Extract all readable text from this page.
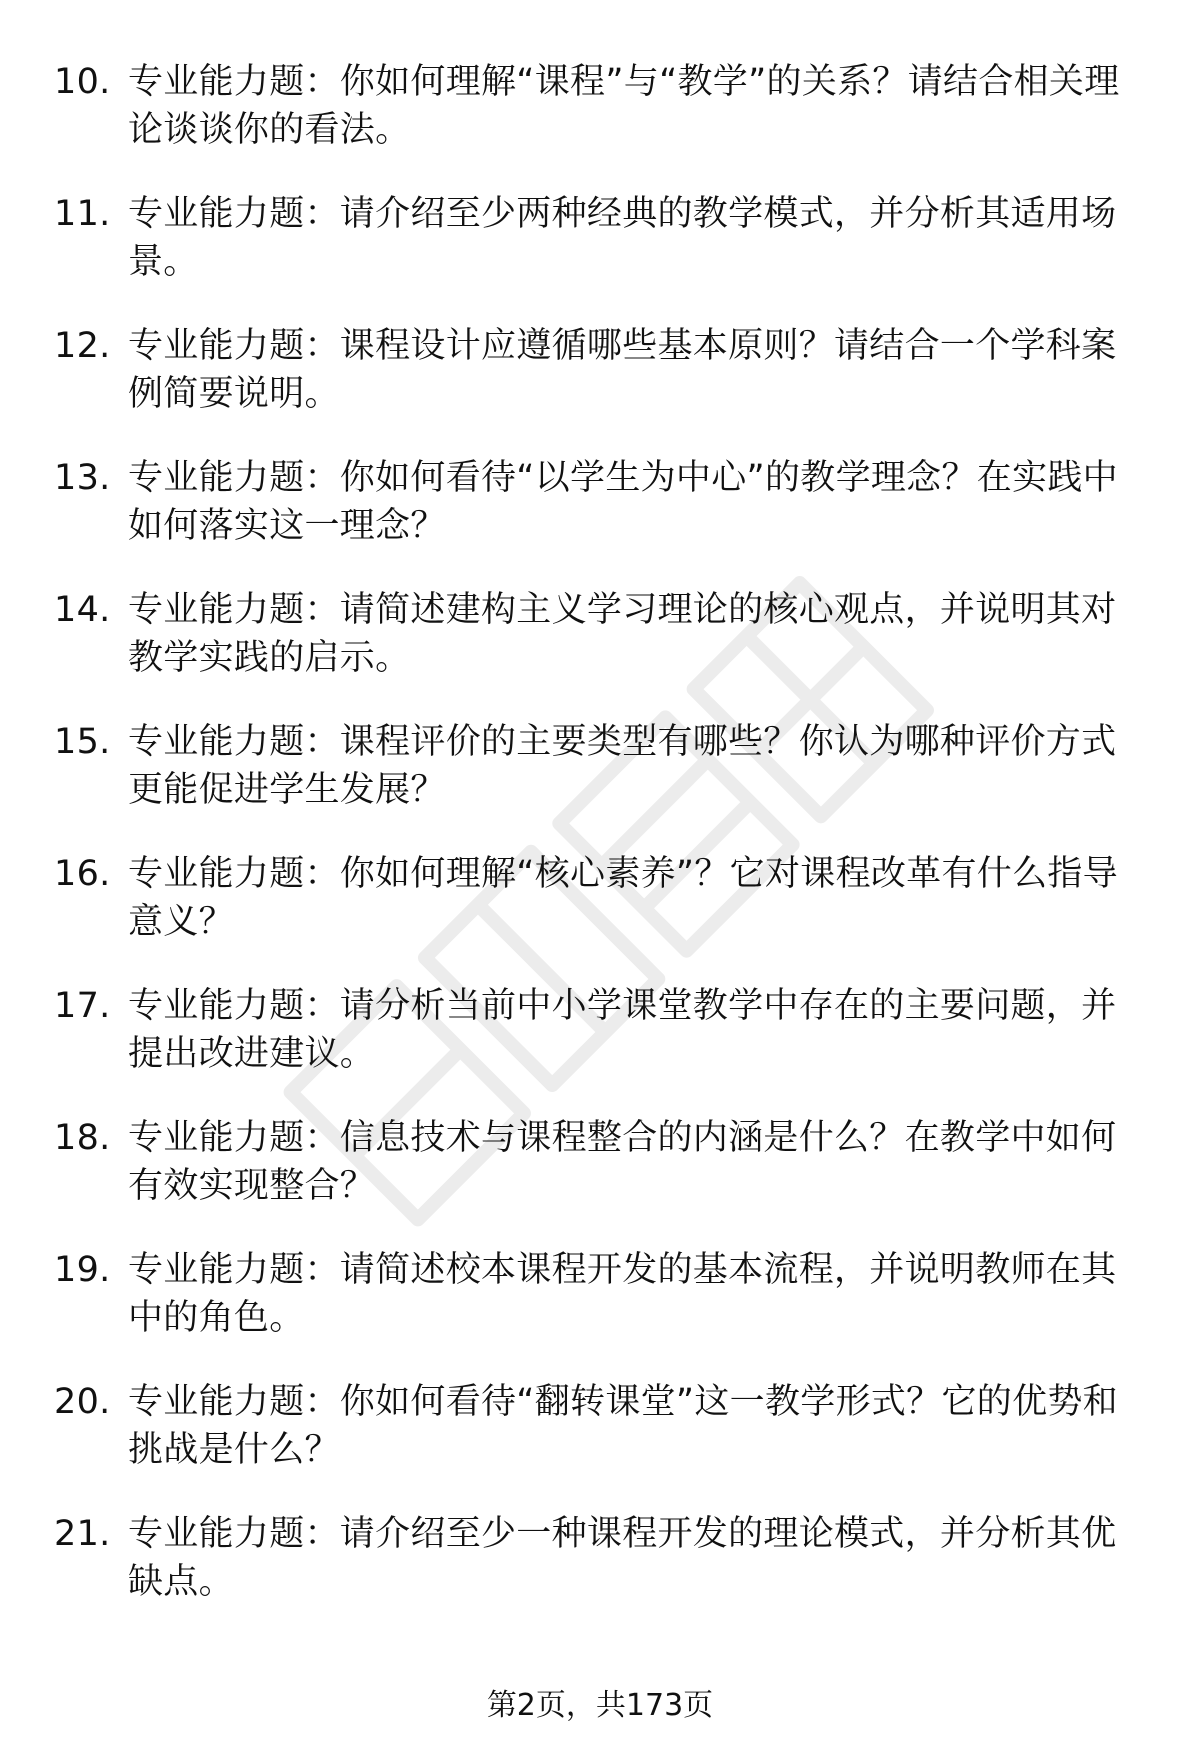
10. 专业能力题：你如何理解“课程”与“教学”的关系？请结合相关理论谈谈你的看法。
11. 专业能力题：请介绍至少两种经典的教学模式，并分析其适用场景。
12. 专业能力题：课程设计应遵循哪些基本原则？请结合一个学科案例简要说明。
13. 专业能力题：你如何看待“以学生为中心”的教学理念？在实践中如何落实这一理念？
14. 专业能力题：请简述建构主义学习理论的核心观点，并说明其对教学实践的启示。
15. 专业能力题：课程评价的主要类型有哪些？你认为哪种评价方式更能促进学生发展？
16. 专业能力题：你如何理解“核心素养”？它对课程改革有什么指导意义？
17. 专业能力题：请分析当前中小学课堂教学中存在的主要问题，并提出改进建议。
18. 专业能力题：信息技术与课程整合的内涵是什么？在教学中如何有效实现整合？
19. 专业能力题：请简述校本课程开发的基本流程，并说明教师在其中的角色。
20. 专业能力题：你如何看待“翻转课堂”这一教学形式？它的优势和挑战是什么？
21. 专业能力题：请介绍至少一种课程开发的理论模式，并分析其优缺点。
第2页，共173页
